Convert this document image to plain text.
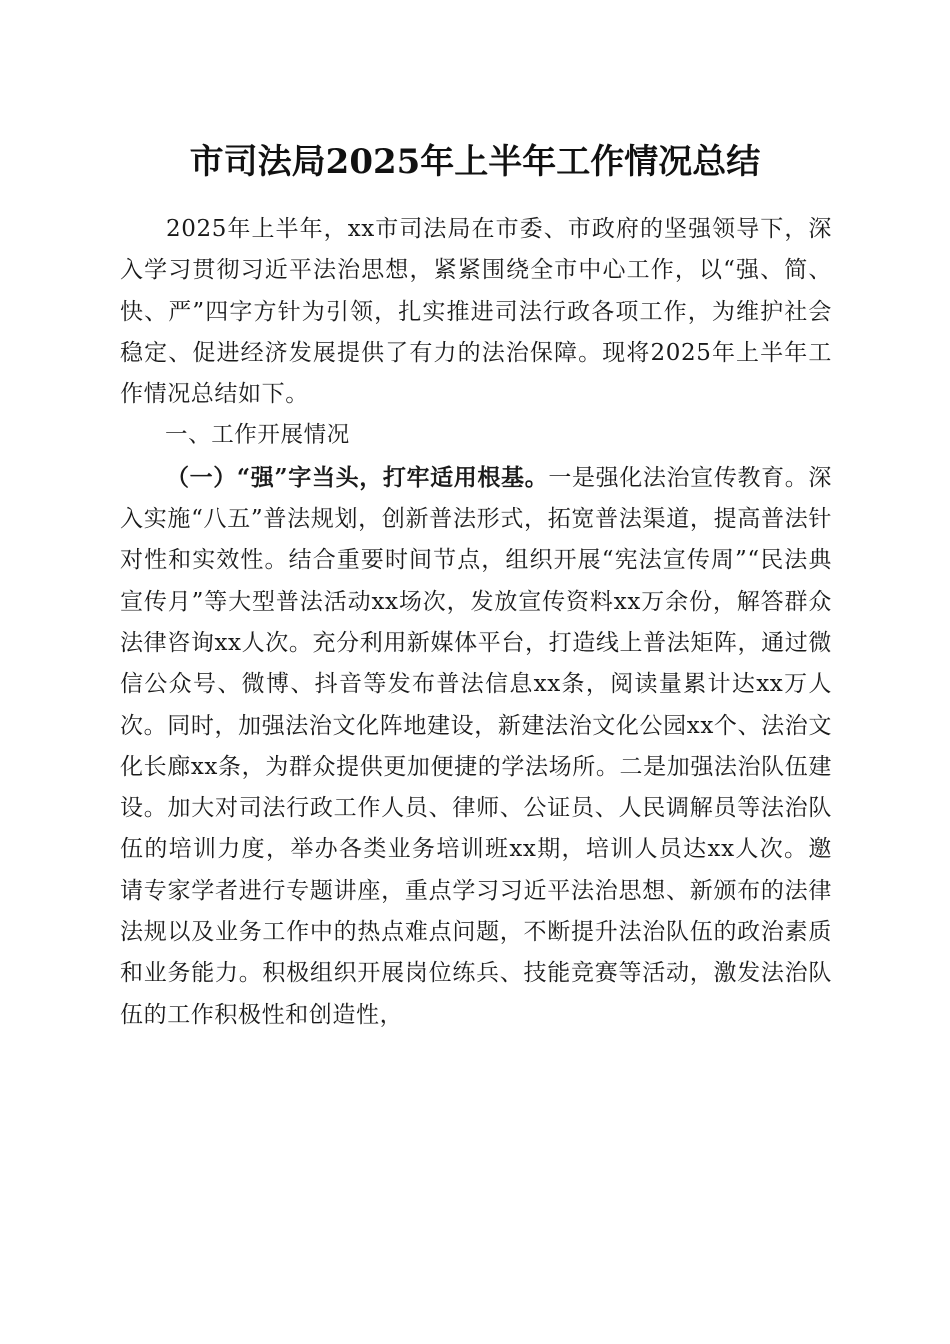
市司法局2025年上半年工作情况总结

2025年上半年，xx市司法局在市委、市政府的坚强领导下，深入学习贯彻习近平法治思想，紧紧围绕全市中心工作，以“强、简、快、严”四字方针为引领，扎实推进司法行政各项工作，为维护社会稳定、促进经济发展提供了有力的法治保障。现将2025年上半年工作情况总结如下。

一、工作开展情况

（一）“强”字当头，打牢适用根基。一是强化法治宣传教育。深入实施“八五”普法规划，创新普法形式，拓宽普法渠道，提高普法针对性和实效性。结合重要时间节点，组织开展“宪法宣传周”“民法典宣传月”等大型普法活动xx场次，发放宣传资料xx万余份，解答群众法律咨询xx人次。充分利用新媒体平台，打造线上普法矩阵，通过微信公众号、微博、抖音等发布普法信息xx条，阅读量累计达xx万人次。同时，加强法治文化阵地建设，新建法治文化公园xx个、法治文化长廊xx条，为群众提供更加便捷的学法场所。二是加强法治队伍建设。加大对司法行政工作人员、律师、公证员、人民调解员等法治队伍的培训力度，举办各类业务培训班xx期，培训人员达xx人次。邀请专家学者进行专题讲座，重点学习习近平法治思想、新颁布的法律法规以及业务工作中的热点难点问题，不断提升法治队伍的政治素质和业务能力。积极组织开展岗位练兵、技能竞赛等活动，激发法治队伍的工作积极性和创造性，
